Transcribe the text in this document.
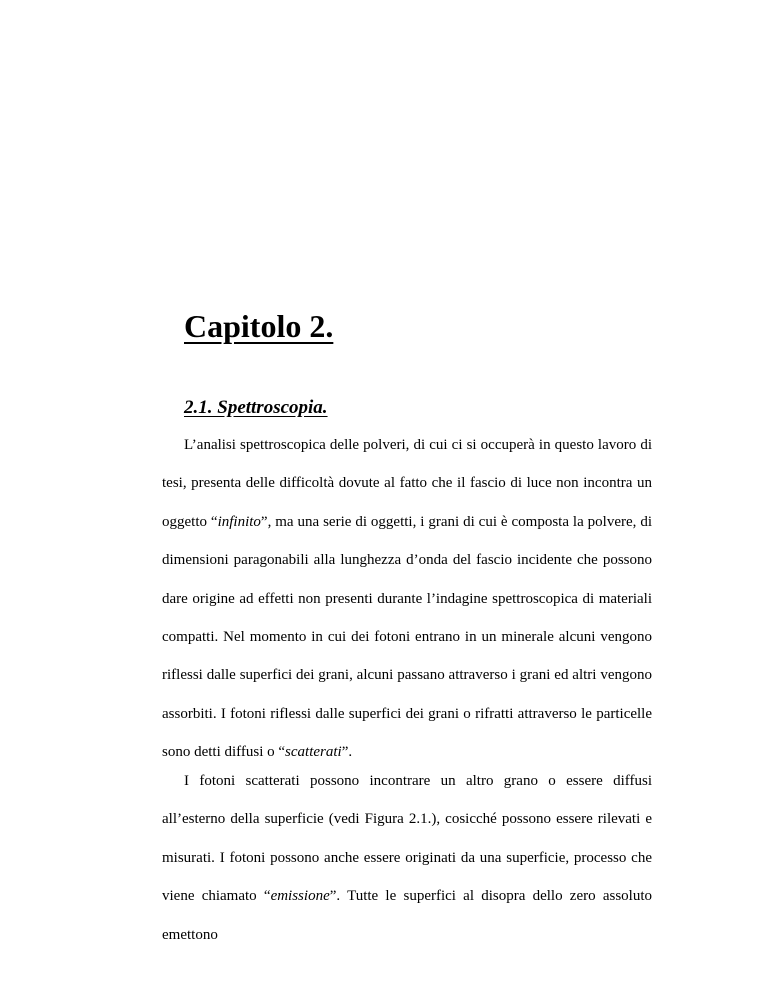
Capitolo 2.
2.1. Spettroscopia.

L’analisi spettroscopica delle polveri, di cui ci si occuperà in questo lavoro di tesi, presenta delle difficoltà dovute al fatto che il fascio di luce non incontra un oggetto “infinito”, ma una serie di oggetti, i grani di cui è composta la polvere, di dimensioni paragonabili alla lunghezza d’onda del fascio incidente che possono dare origine ad effetti non presenti durante l’indagine spettroscopica di materiali compatti. Nel momento in cui dei fotoni entrano in un minerale alcuni vengono riflessi dalle superfici dei grani, alcuni passano attraverso i grani ed altri vengono assorbiti. I fotoni riflessi dalle superfici dei grani o rifratti attraverso le particelle sono detti diffusi o “scatterati”.

I fotoni scatterati possono incontrare un altro grano o essere diffusi all’esterno della superficie (vedi Figura 2.1.), cosicché possono essere rilevati e misurati. I fotoni possono anche essere originati da una superficie, processo che viene chiamato “emissione”. Tutte le superfici al disopra dello zero assoluto emettono
